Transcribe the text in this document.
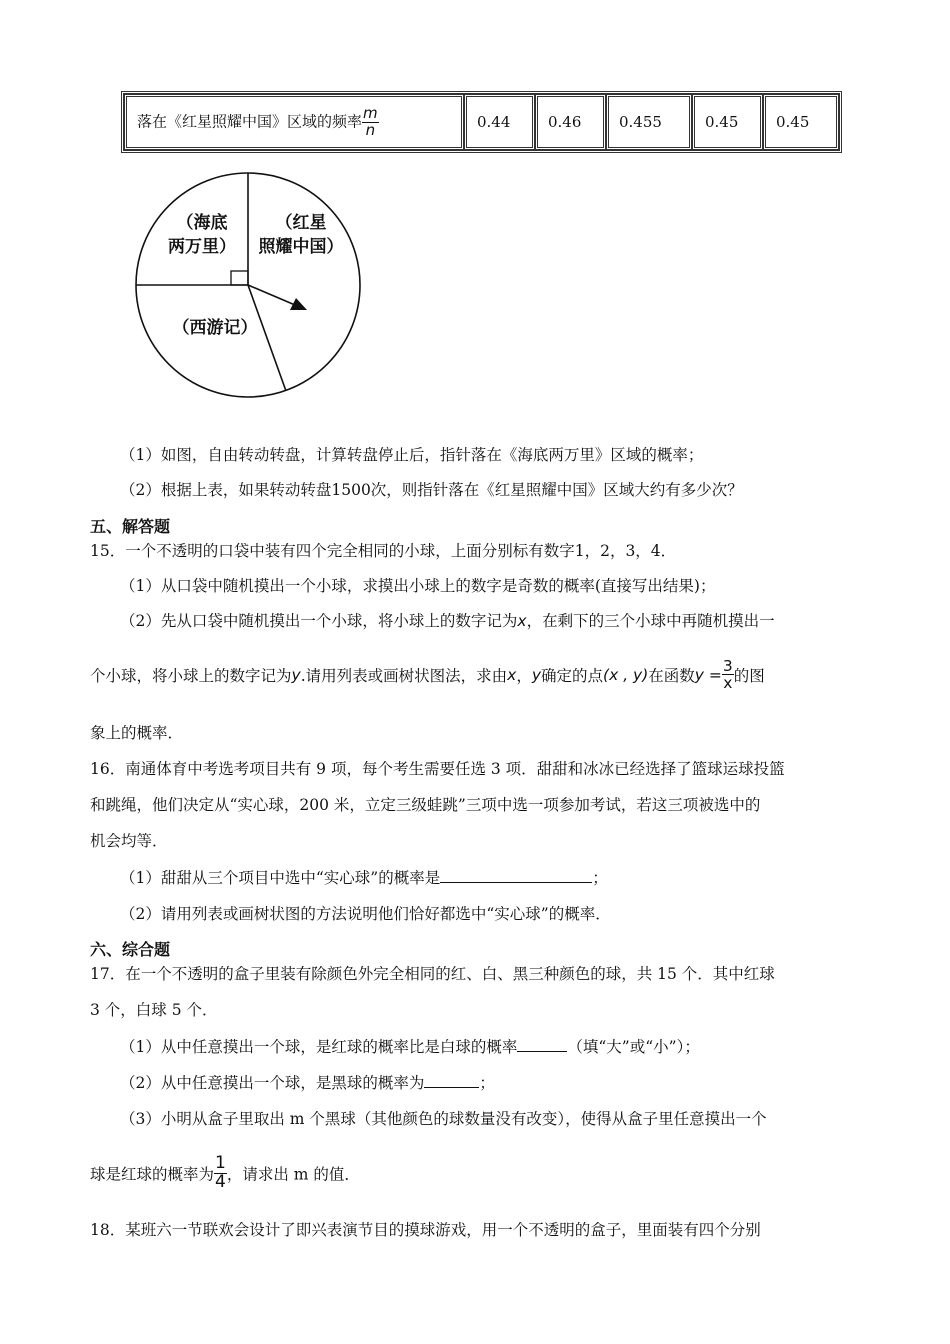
落在《红星照耀中国》区域的频率 $\frac{m}{n}$	0.44	0.46	0.455	0.45	0.45
（海底
两万里）
（红星
照耀中国）
（西游记）
（1）如图，自由转动转盘，计算转盘停止后，指针落在《海底两万里》区域的概率；
（2）根据上表，如果转动转盘1500次，则指针落在《红星照耀中国》区域大约有多少次？
五、解答题
15．一个不透明的口袋中装有四个完全相同的小球，上面分别标有数字1，2，3，4．
（1）从口袋中随机摸出一个小球，求摸出小球上的数字是奇数的概率(直接写出结果)；
（2）先从口袋中随机摸出一个小球，将小球上的数字记为x，在剩下的三个小球中再随机摸出一
个小球，将小球上的数字记为y.请用列表或画树状图法，求由x，y确定的点(x , y)在函数$y = \frac{3}{x}$ 的图
象上的概率．
16．南通体育中考选考项目共有 9 项，每个考生需要任选 3 项．甜甜和冰冰已经选择了篮球运球投篮
和跳绳，他们决定从“实心球，200 米，立定三级蛙跳”三项中选一项参加考试，若这三项被选中的
机会均等．
（1）甜甜从三个项目中选中“实心球”的概率是	；
（2）请用列表或画树状图的方法说明他们恰好都选中“实心球”的概率．
六、综合题
17．在一个不透明的盒子里装有除颜色外完全相同的红、白、黑三种颜色的球，共 15 个．其中红球
3 个，白球 5 个．
（1）从中任意摸出一个球，是红球的概率比是白球的概率	（填“大”或“小”）；
（2）从中任意摸出一个球，是黑球的概率为	；
（3）小明从盒子里取出 m 个黑球（其他颜色的球数量没有改变），使得从盒子里任意摸出一个
球是红球的概率为 $\frac{1}{4}$ ，请求出 m 的值．
18．某班六一节联欢会设计了即兴表演节目的摸球游戏，用一个不透明的盒子，里面装有四个分别
